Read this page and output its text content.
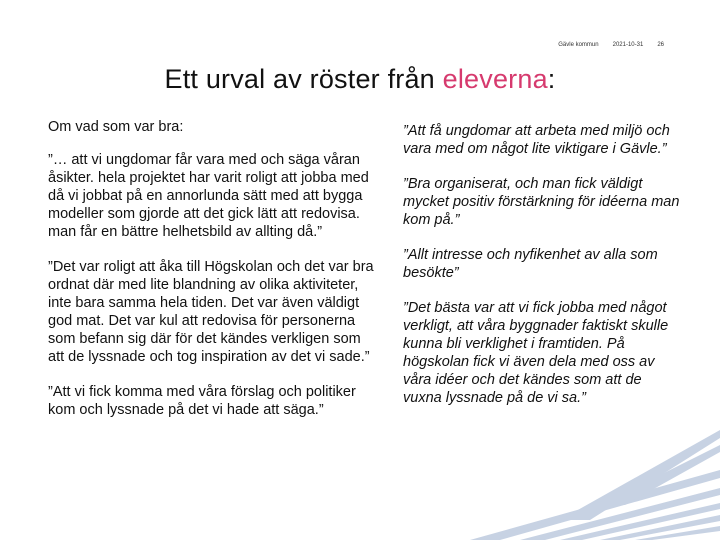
Gävle kommun 2021-10-31 26
Ett urval av röster från eleverna:

Om vad som var bra:

”… att vi ungdomar får vara med och säga våran åsikter. hela projektet har varit roligt att jobba med då vi jobbat på en annorlunda sätt med att bygga modeller som gjorde att det gick lätt att redovisa. man får en bättre helhetsbild av allting då.”

”Det var roligt att åka till Högskolan och det var bra ordnat där med lite blandning av olika aktiviteter, inte bara samma hela tiden. Det var även väldigt god mat. Det var kul att redovisa för personerna som befann sig där för det kändes verkligen som att de lyssnade och tog inspiration av det vi sade.”

”Att vi fick komma med våra förslag och politiker kom och lyssnade på det vi hade att säga.”

”Att få ungdomar att arbeta med miljö och vara med om något lite viktigare i Gävle.”

”Bra organiserat, och man fick väldigt mycket positiv förstärkning för idéerna man kom på.”

”Allt intresse och nyfikenhet av alla som besökte”

”Det bästa var att vi fick jobba med något verkligt, att våra byggnader faktiskt skulle kunna bli verklighet i framtiden. På högskolan fick vi även dela med oss av våra idéer och det kändes som att de vuxna lyssnade på de vi sa.”
